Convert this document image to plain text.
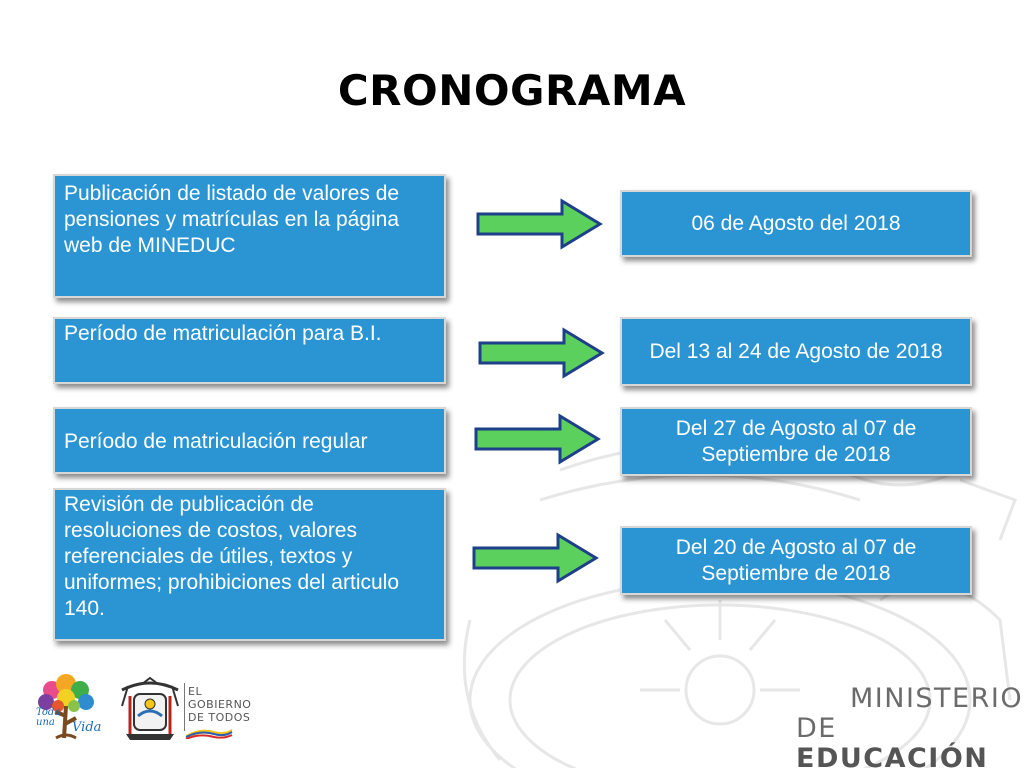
CRONOGRAMA
Publicación de listado de valores de pensiones y matrículas en la página web de MINEDUC
06 de Agosto del 2018
Período de matriculación para B.I.
Del 13 al 24 de Agosto de 2018
Período de matriculación regular
Del 27 de Agosto al 07 de Septiembre de 2018
Revisión de publicación de resoluciones de costos, valores referenciales de útiles, textos y uniformes; prohibiciones del articulo 140.
Del 20 de Agosto al 07 de Septiembre de 2018
Toda
una	Vida
EL
GOBIERNO
DE TODOS
MINISTERIO
DE EDUCACIÓN
